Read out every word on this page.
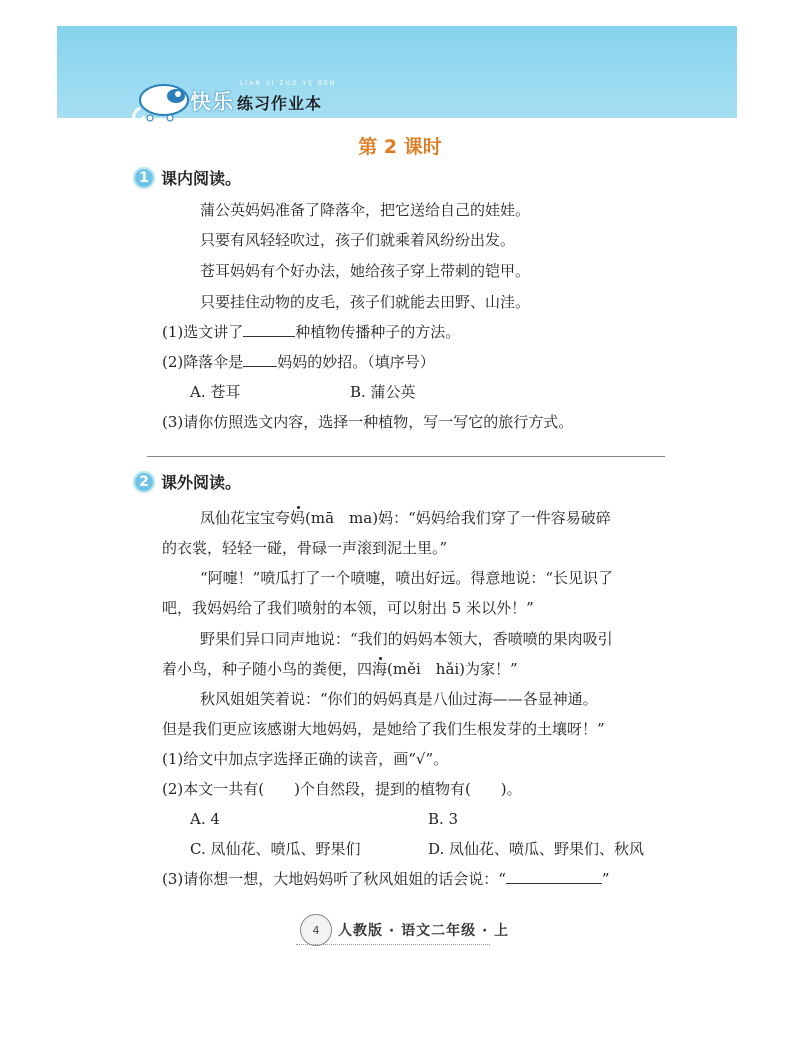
LIAN XI ZUO YE BEN
快乐 练习作业本
第 2 课时
1 课内阅读。
蒲公英妈妈准备了降落伞，把它送给自己的娃娃。
只要有风轻轻吹过，孩子们就乘着风纷纷出发。
苍耳妈妈有个好办法，她给孩子穿上带刺的铠甲。
只要挂住动物的皮毛，孩子们就能去田野、山洼。
(1)选文讲了	种植物传播种子的方法。
(2)降落伞是 妈妈的妙招。（填序号）
A. 苍耳	B. 蒲公英
(3)请你仿照选文内容，选择一种植物，写一写它的旅行方式。
2 课外阅读。
凤仙花宝宝夸妈(mā　ma)妈：“妈妈给我们穿了一件容易破碎
的衣裳，轻轻一碰，骨碌一声滚到泥土里。”
“阿嚏！”喷瓜打了一个喷嚏，喷出好远。得意地说：“长见识了
吧，我妈妈给了我们喷射的本领，可以射出 5 米以外！”
野果们异口同声地说：“我们的妈妈本领大，香喷喷的果肉吸引
着小鸟，种子随小鸟的粪便，四海(měi　hǎi)为家！”
秋风姐姐笑着说：“你们的妈妈真是八仙过海——各显神通。
但是我们更应该感谢大地妈妈，是她给了我们生根发芽的土壤呀！”
(1)给文中加点字选择正确的读音，画“√”。
(2)本文一共有(　　)个自然段，提到的植物有(　　)。
A. 4	B. 3
C. 凤仙花、喷瓜、野果们	D. 凤仙花、喷瓜、野果们、秋风
(3)请你想一想，大地妈妈听了秋风姐姐的话会说：“	”
4	人教版 · 语文二年级 · 上
